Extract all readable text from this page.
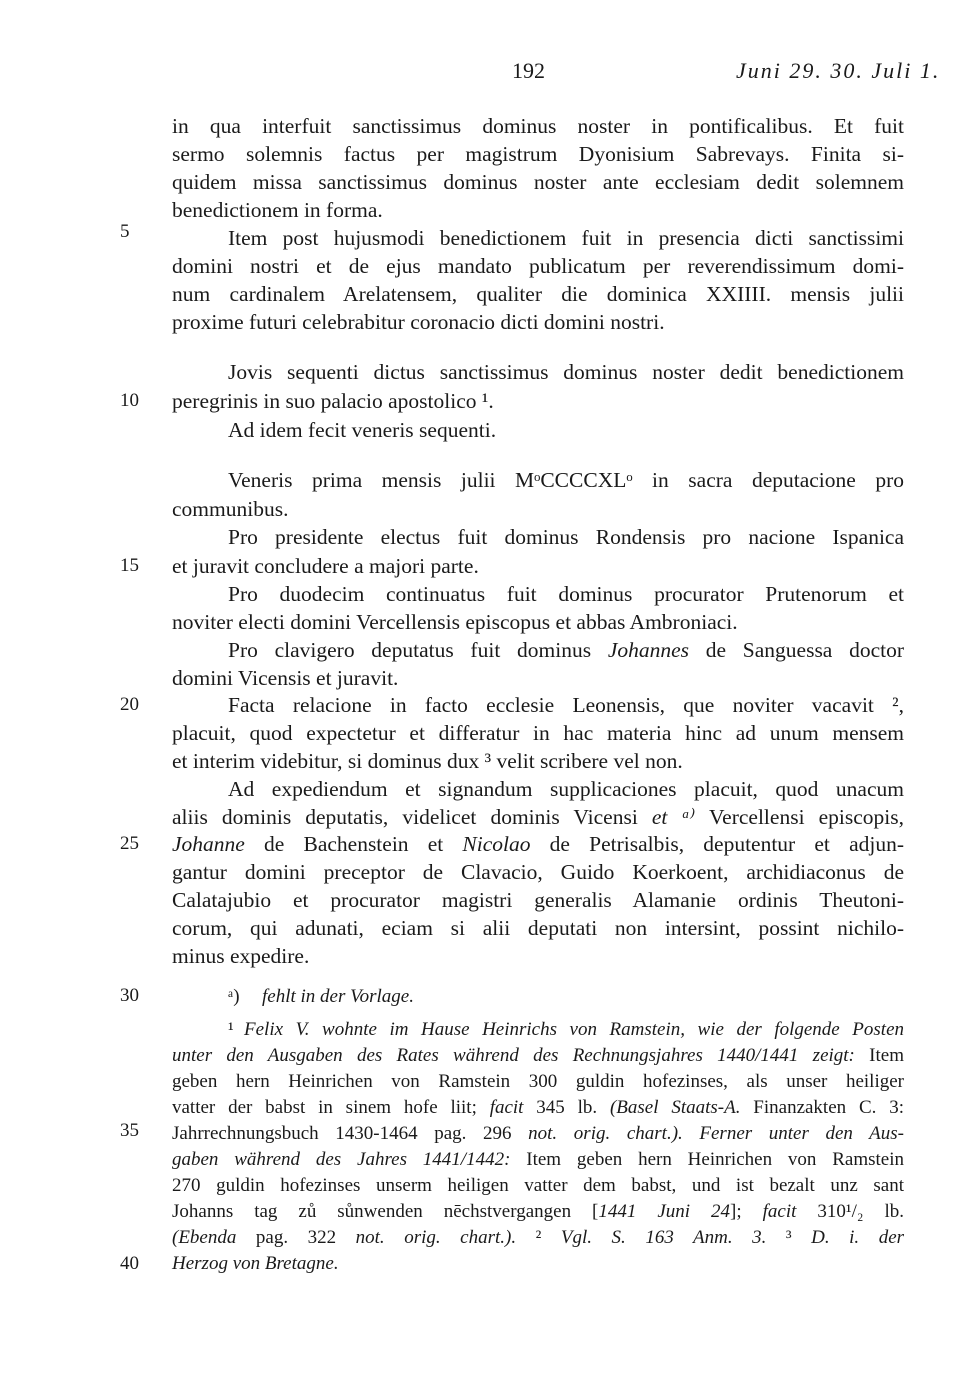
192	Juni 29. 30. Juli 1.
5
10
15
20
25
30
35
40
in qua interfuit sanctissimus dominus noster in pontificalibus. Et fuit
sermo solemnis factus per magistrum Dyonisium Sabrevays. Finita si-
quidem missa sanctissimus dominus noster ante ecclesiam dedit solemnem
benedictionem in forma.
Item post hujusmodi benedictionem fuit in presencia dicti sanctissimi
domini nostri et de ejus mandato publicatum per reverendissimum domi-
num cardinalem Arelatensem, qualiter die dominica XXIIII. mensis julii
proxime futuri celebrabitur coronacio dicti domini nostri.
Jovis sequenti dictus sanctissimus dominus noster dedit benedictionem
peregrinis in suo palacio apostolico ¹.
Ad idem fecit veneris sequenti.
Veneris prima mensis julii MᵒCCCCXLᵒ in sacra deputacione pro
communibus.
Pro presidente electus fuit dominus Rondensis pro nacione Ispanica
et juravit concludere a majori parte.
Pro duodecim continuatus fuit dominus procurator Prutenorum et
noviter electi domini Vercellensis episcopus et abbas Ambroniaci.
Pro clavigero deputatus fuit dominus Johannes de Sanguessa doctor
domini Vicensis et juravit.
Facta relacione in facto ecclesie Leonensis, que noviter vacavit ²,
placuit, quod expectetur et differatur in hac materia hinc ad unum mensem
et interim videbitur, si dominus dux ³ velit scribere vel non.
Ad expediendum et signandum supplicaciones placuit, quod unacum
aliis dominis deputatis, videlicet dominis Vicensi et ᵃ⁾ Vercellensi episcopis,
Johanne de Bachenstein et Nicolao de Petrisalbis, deputentur et adjun-
gantur domini preceptor de Clavacio, Guido Koerkoent, archidiaconus de
Calatajubio et procurator magistri generalis Alamanie ordinis Theutoni-
corum, qui adunati, eciam si alii deputati non intersint, possint nichilo-
minus expedire.
ᵃ) fehlt in der Vorlage.
¹ Felix V. wohnte im Hause Heinrichs von Ramstein, wie der folgende Posten
unter den Ausgaben des Rates während des Rechnungsjahres 1440/1441 zeigt: Item
geben hern Heinrichen von Ramstein 300 guldin hofezinses, als unser heiliger
vatter der babst in sinem hofe liit; facit 345 lb. (Basel Staats-A. Finanzakten C. 3:
Jahrrechnungsbuch 1430-1464 pag. 296 not. orig. chart.). Ferner unter den Aus-
gaben während des Jahres 1441/1442: Item geben hern Heinrichen von Ramstein
270 guldin hofezinses unserm heiligen vatter dem babst, und ist bezalt unz sant
Johanns tag zů sůnwenden nēchstvergangen [1441 Juni 24]; facit 310¹/₂ lb.
(Ebenda pag. 322 not. orig. chart.). ² Vgl. S. 163 Anm. 3. ³ D. i. der
Herzog von Bretagne.
